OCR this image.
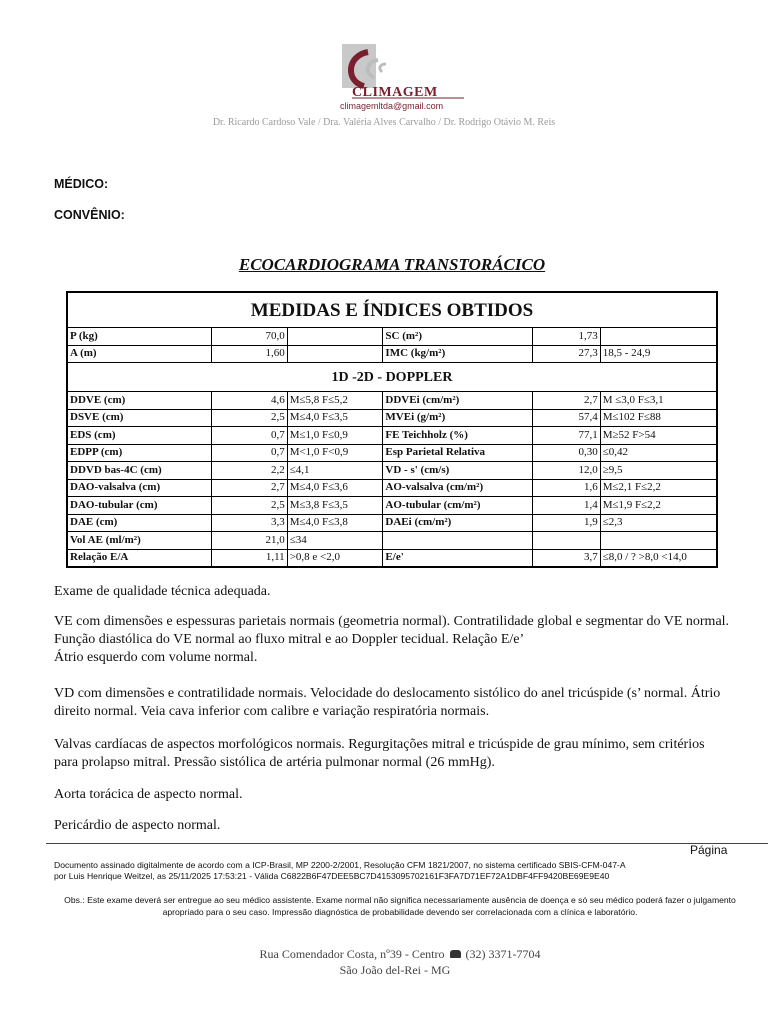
CLIMAGEM
climagemltda@gmail.com
Dr. Ricardo Cardoso Vale / Dra. Valéria Alves Carvalho / Dr. Rodrigo Otávio M. Reis
MÉDICO:
CONVÊNIO:
ECOCARDIOGRAMA TRANSTORÁCICO
MEDIDAS E ÍNDICES OBTIDOS					
P (kg)	70,0		SC (m²)	1,73	
A (m)	1,60		IMC (kg/m²)	27,3	18,5 - 24,9
1D -2D - DOPPLER					
DDVE (cm)	4,6	M≤5,8 F≤5,2	DDVEi (cm/m²)	2,7	M ≤3,0 F≤3,1
DSVE (cm)	2,5	M≤4,0 F≤3,5	MVEi (g/m²)	57,4	M≤102 F≤88
EDS (cm)	0,7	M≤1,0 F≤0,9	FE Teichholz (%)	77,1	M≥52 F>54
EDPP (cm)	0,7	M<1,0 F<0,9	Esp Parietal Relativa	0,30	≤0,42
DDVD bas-4C (cm)	2,2	≤4,1	VD - s' (cm/s)	12,0	≥9,5
DAO-valsalva (cm)	2,7	M≤4,0 F≤3,6	AO-valsalva (cm/m²)	1,6	M≤2,1 F≤2,2
DAO-tubular (cm)	2,5	M≤3,8 F≤3,5	AO-tubular (cm/m²)	1,4	M≤1,9 F≤2,2
DAE (cm)	3,3	M≤4,0 F≤3,8	DAEi (cm/m²)	1,9	≤2,3
Vol AE (ml/m²)	21,0	≤34			
Relação E/A	1,11	>0,8 e <2,0	E/e'	3,7	≤8,0 / ? >8,0 <14,0
Exame de qualidade técnica adequada.
VE com dimensões e espessuras parietais normais (geometria normal). Contratilidade global e segmentar do VE normal. Função diastólica do VE normal ao fluxo mitral e ao Doppler tecidual. Relação E/e’
Átrio esquerdo com volume normal.
VD com dimensões e contratilidade normais. Velocidade do deslocamento sistólico do anel tricúspide (s’ normal. Átrio direito normal. Veia cava inferior com calibre e variação respiratória normais.
Valvas cardíacas de aspectos morfológicos normais. Regurgitações mitral e tricúspide de grau mínimo, sem critérios para prolapso mitral. Pressão sistólica de artéria pulmonar normal (26 mmHg).
Aorta torácica de aspecto normal.
Pericárdio de aspecto normal.
Página
Documento assinado digitalmente de acordo com a ICP-Brasil, MP 2200-2/2001, Resolução CFM 1821/2007, no sistema certificado SBIS-CFM-047-A
por Luis Henrique Weitzel, as 25/11/2025 17:53:21 - Válida C6822B6F47DEE5BC7D4153095702161F3FA7D71EF72A1DBF4FF9420BE69E9E40
Obs.: Este exame deverá ser entregue ao seu médico assistente. Exame normal não significa necessariamente ausência de doença e só seu médico poderá fazer o julgamento apropriado para o seu caso. Impressão diagnóstica de probabilidade devendo ser correlacionada com a clínica e laboratório.
Rua Comendador Costa, nº39 - Centro (32) 3371-7704
São João del-Rei - MG
